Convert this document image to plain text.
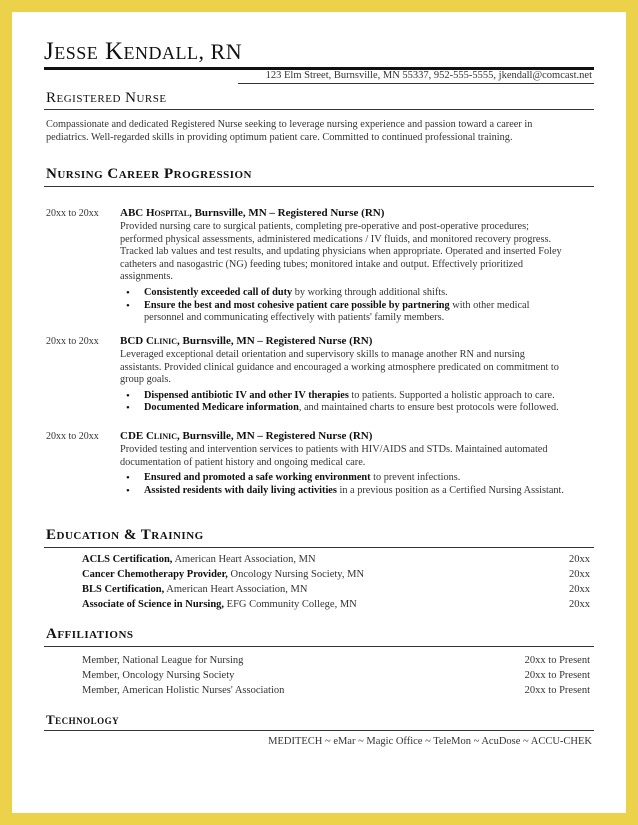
Jesse Kendall, RN
123 Elm Street, Burnsville, MN 55337, 952-555-5555, jkendall@comcast.net
Registered Nurse
Compassionate and dedicated Registered Nurse seeking to leverage nursing experience and passion toward a career in
pediatrics. Well-regarded skills in providing optimum patient care. Committed to continued professional training.
Nursing Career Progression
20xx to 20xx ABC Hospital, Burnsville, MN – Registered Nurse (RN)
Provided nursing care to surgical patients, completing pre-operative and post-operative procedures;
performed physical assessments, administered medications / IV fluids, and monitored recovery progress.
Tracked lab values and test results, and updating physicians when appropriate. Operated and inserted Foley
catheters and nasogastric (NG) feeding tubes; monitored intake and output. Effectively prioritized
assignments.
• Consistently exceeded call of duty by working through additional shifts.
• Ensure the best and most cohesive patient care possible by partnering with other medical
personnel and communicating effectively with patients' family members.
20xx to 20xx BCD Clinic, Burnsville, MN – Registered Nurse (RN)
Leveraged exceptional detail orientation and supervisory skills to manage another RN and nursing
assistants. Provided clinical guidance and encouraged a working atmosphere predicated on commitment to
group goals.
• Dispensed antibiotic IV and other IV therapies to patients. Supported a holistic approach to care.
• Documented Medicare information, and maintained charts to ensure best protocols were followed.
20xx to 20xx CDE Clinic, Burnsville, MN – Registered Nurse (RN)
Provided testing and intervention services to patients with HIV/AIDS and STDs. Maintained automated
documentation of patient history and ongoing medical care.
• Ensured and promoted a safe working environment to prevent infections.
• Assisted residents with daily living activities in a previous position as a Certified Nursing Assistant.
Education & Training
ACLS Certification, American Heart Association, MN	20xx
Cancer Chemotherapy Provider, Oncology Nursing Society, MN	20xx
BLS Certification, American Heart Association, MN	20xx
Associate of Science in Nursing, EFG Community College, MN	20xx
Affiliations
Member, National League for Nursing	20xx to Present
Member, Oncology Nursing Society	20xx to Present
Member, American Holistic Nurses' Association	20xx to Present
Technology
MEDITECH ~ eMar ~ Magic Office ~ TeleMon ~ AcuDose ~ ACCU-CHEK
